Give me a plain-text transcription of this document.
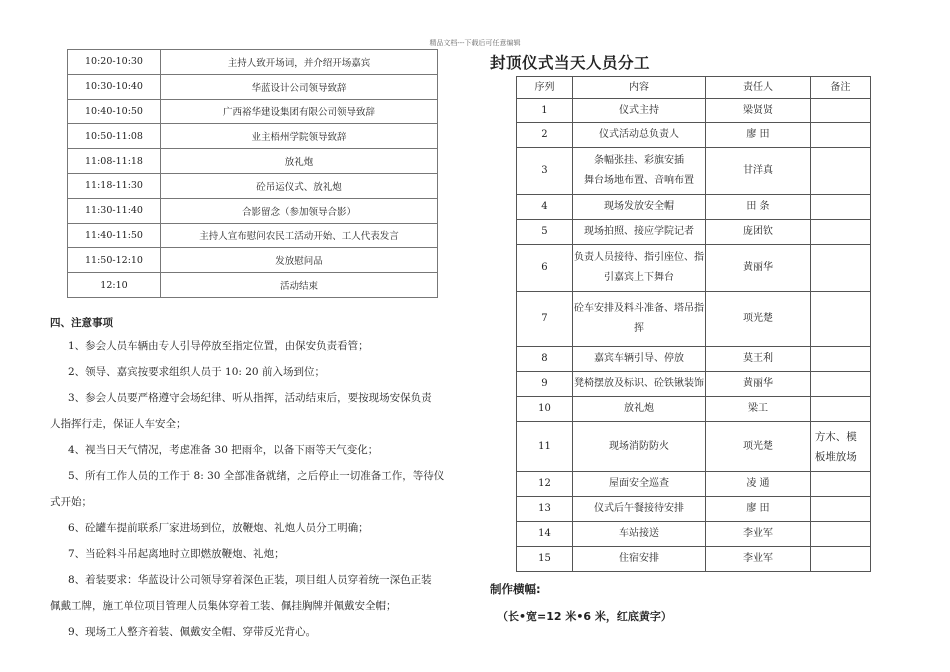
精品文档---下载后可任意编辑
10:20-10:30	主持人致开场词，并介绍开场嘉宾
10:30-10:40	华蓝设计公司领导致辞
10:40-10:50	广西裕华建设集团有限公司领导致辞
10:50-11:08	业主梧州学院领导致辞
11:08-11:18	放礼炮
11:18-11:30	砼吊运仪式、放礼炮
11:30-11:40	合影留念（参加领导合影）
11:40-11:50	主持人宣布慰问农民工活动开始、工人代表发言
11:50-12:10	发放慰问品
12:10	活动结束
四、注意事项
1、参会人员车辆由专人引导停放至指定位置，由保安负责看管；
2、领导、嘉宾按要求组织人员于 10: 20 前入场到位；
3、参会人员要严格遵守会场纪律、听从指挥，活动结束后，要按现场安保负责
人指挥行走，保证人车安全；
4、视当日天气情况，考虑准备 30 把雨伞，以备下雨等天气变化；
5、所有工作人员的工作于 8: 30 全部准备就绪，之后停止一切准备工作，等待仪
式开始；
6、砼罐车提前联系厂家进场到位，放鞭炮、礼炮人员分工明确；
7、当砼料斗吊起离地时立即燃放鞭炮、礼炮；
8、着装要求：华蓝设计公司领导穿着深色正装，项目组人员穿着统一深色正装
佩戴工牌，施工单位项目管理人员集体穿着工装、佩挂胸牌并佩戴安全帽；
9、现场工人整齐着装、佩戴安全帽、穿带反光背心。
封顶仪式当天人员分工
序列	内容	责任人	备注
1	仪式主持	梁贤贤	
2	仪式活动总负责人	廖 田	
3	条幅张挂、彩旗安插
舞台场地布置、音响布置	甘洋真	
4	现场发放安全帽	田 条	
5	现场拍照、接应学院记者	庞团钦	
6	负责人员接待、指引座位、指
引嘉宾上下舞台	黄丽华	
7	砼车安排及料斗准备、塔吊指
挥	项光楚	
8	嘉宾车辆引导、停放	莫王利	
9	凳椅摆放及标识、砼铁锹装饰	黄丽华	
10	放礼炮	梁工	
11	现场消防防火	项光楚	方木、模
板堆放场
12	屋面安全巡查	凌 通	
13	仪式后午餐接待安排	廖 田	
14	车站接送	李业军	
15	住宿安排	李业军	
制作横幅:
（长•宽=12 米•6 米，红底黄字）
